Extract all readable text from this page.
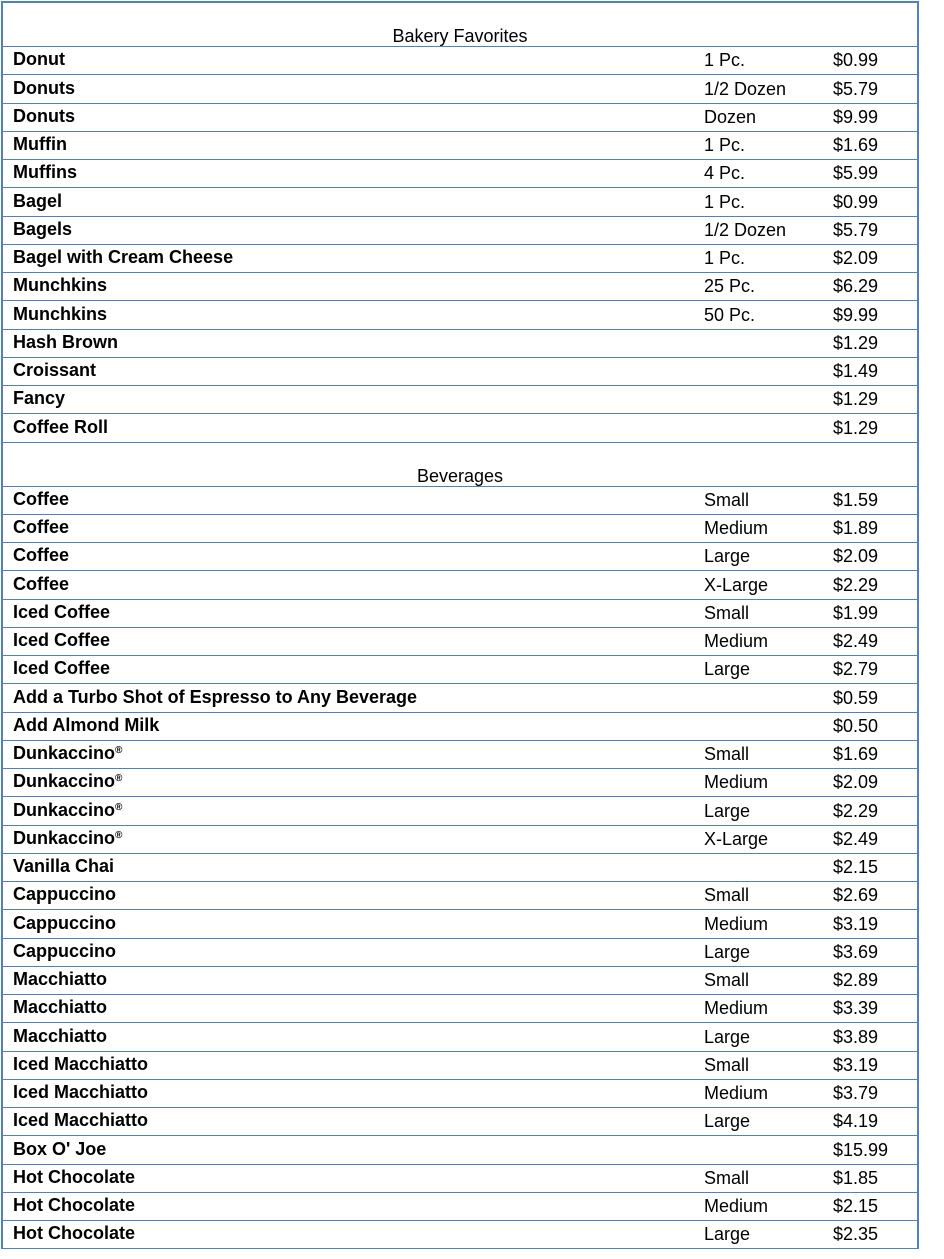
Bakery Favorites
Donut	1 Pc.	$0.99
Donuts	1/2 Dozen	$5.79
Donuts	Dozen	$9.99
Muffin	1 Pc.	$1.69
Muffins	4 Pc.	$5.99
Bagel	1 Pc.	$0.99
Bagels	1/2 Dozen	$5.79
Bagel with Cream Cheese	1 Pc.	$2.09
Munchkins	25 Pc.	$6.29
Munchkins	50 Pc.	$9.99
Hash Brown	$1.29
Croissant	$1.49
Fancy	$1.29
Coffee Roll	$1.29
Beverages
Coffee	Small	$1.59
Coffee	Medium	$1.89
Coffee	Large	$2.09
Coffee	X-Large	$2.29
Iced Coffee	Small	$1.99
Iced Coffee	Medium	$2.49
Iced Coffee	Large	$2.79
Add a Turbo Shot of Espresso to Any Beverage	$0.59
Add Almond Milk	$0.50
Dunkaccino®	Small	$1.69
Dunkaccino®	Medium	$2.09
Dunkaccino®	Large	$2.29
Dunkaccino®	X-Large	$2.49
Vanilla Chai	$2.15
Cappuccino	Small	$2.69
Cappuccino	Medium	$3.19
Cappuccino	Large	$3.69
Macchiatto	Small	$2.89
Macchiatto	Medium	$3.39
Macchiatto	Large	$3.89
Iced Macchiatto	Small	$3.19
Iced Macchiatto	Medium	$3.79
Iced Macchiatto	Large	$4.19
Box O' Joe	$15.99
Hot Chocolate	Small	$1.85
Hot Chocolate	Medium	$2.15
Hot Chocolate	Large	$2.35
